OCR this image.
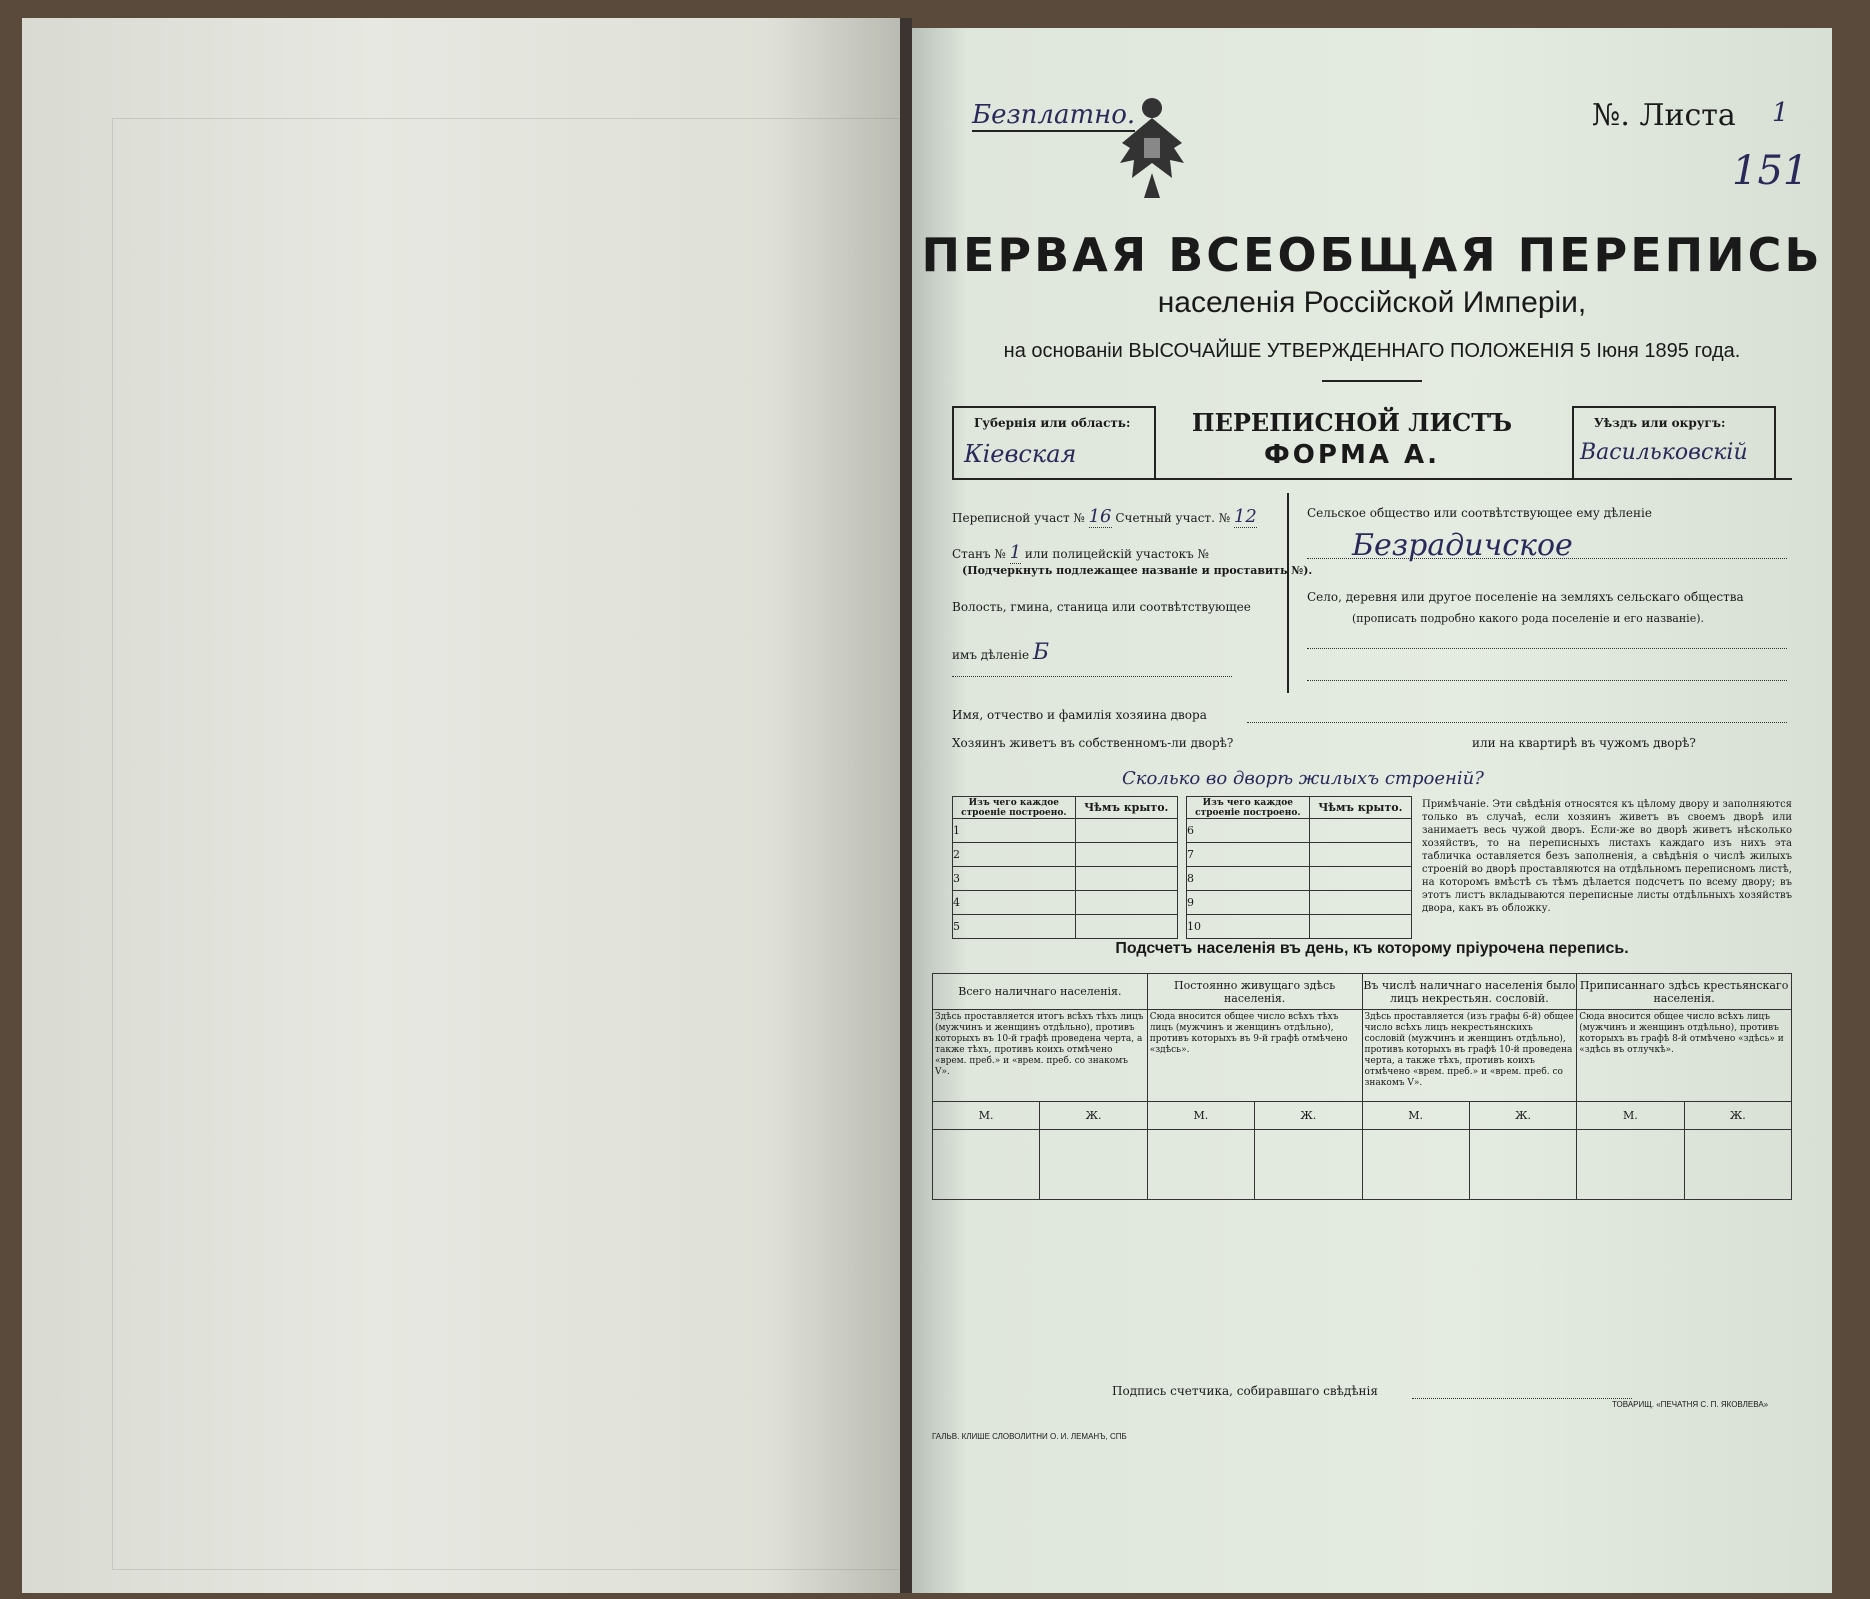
Безплатно.	№. Листа 1
151
ПЕРВАЯ ВСЕОБЩАЯ ПЕРЕПИСЬ
населенія Россійской Имперіи,
на основаніи ВЫСОЧАЙШЕ УТВЕРЖДЕННАГО ПОЛОЖЕНІЯ 5 Іюня 1895 года.
Губернія или область:
Кіевская
ПЕРЕПИСНОЙ ЛИСТЪ
ФОРМА А.
Уѣздъ или округъ:
Васильковскій
Переписной участ № 16 Счетный участ. № 12
Станъ № 1 или полицейскій участокъ №
(Подчеркнуть подлежащее названіе и проставить №).
Волость, гмина, станица или соотвѣтствующее
имъ дѣленіе Б
Сельское общество или соотвѣтствующее ему дѣленіе
Безрадичское
Село, деревня или другое поселеніе на земляхъ сельскаго общества
(прописать подробно какого рода поселеніе и его названіе).
Имя, отчество и фамилія хозяина двора
Хозяинъ живетъ въ собственномъ-ли дворѣ?	или на квартирѣ въ чужомъ дворѣ?
Сколько во дворѣ жилыхъ строеній?
Изъ чего каждое строеніе построено.	Чѣмъ крыто.		Изъ чего каждое строеніе построено.	Чѣмъ крыто.
1			6	
2			7	
3			8	
4			9	
5			10	
Примѣчаніе. Эти свѣдѣнія относятся къ цѣлому двору и заполняются только въ случаѣ, если хозяинъ живетъ въ своемъ дворѣ или занимаетъ весь чужой дворъ. Если-же во дворѣ живетъ нѣсколько хозяйствъ, то на переписныхъ листахъ каждаго изъ нихъ эта табличка оставляется безъ заполненія, а свѣдѣнія о числѣ жилыхъ строеній во дворѣ проставляются на отдѣльномъ переписномъ листѣ, на которомъ вмѣстѣ съ тѣмъ дѣлается подсчетъ по всему двору; въ этотъ листъ вкладываются переписные листы отдѣльныхъ хозяйствъ двора, какъ въ обложку.
Подсчетъ населенія въ день, къ которому пріурочена перепись.
Всего наличнаго населенія.		Постоянно живущаго здѣсь населенія.		Въ числѣ наличнаго населенія было лицъ некрестьян. сословій.		Приписаннаго здѣсь крестьянскаго населенія.	
Здѣсь проставляется итогъ всѣхъ тѣхъ лицъ (мужчинъ и женщинъ отдѣльно), противъ которыхъ въ 10-й графѣ проведена черта, а также тѣхъ, противъ коихъ отмѣчено «врем. преб.» и «врем. преб. со знакомъ V».		Сюда вносится общее число всѣхъ тѣхъ лицъ (мужчинъ и женщинъ отдѣльно), противъ которыхъ въ 9-й графѣ отмѣчено «здѣсь».		Здѣсь проставляется (изъ графы 6-й) общее число всѣхъ лицъ некрестьянскихъ сословій (мужчинъ и женщинъ отдѣльно), противъ которыхъ въ графѣ 10-й проведена черта, а также тѣхъ, противъ коихъ отмѣчено «врем. преб.» и «врем. преб. со знакомъ V».		Сюда вносится общее число всѣхъ лицъ (мужчинъ и женщинъ отдѣльно), противъ которыхъ въ графѣ 8-й отмѣчено «здѣсь» и «здѣсь въ отлучкѣ».	
М.	Ж.	М.	Ж.	М.	Ж.	М.	Ж.

Подпись счетчика, собиравшаго свѣдѣнія
ГАЛЬВ. КЛИШЕ СЛОВОЛИТНИ О. И. ЛЕМАНЪ, СПБ
ТОВАРИЩ. «ПЕЧАТНЯ С. П. ЯКОВЛЕВА»
